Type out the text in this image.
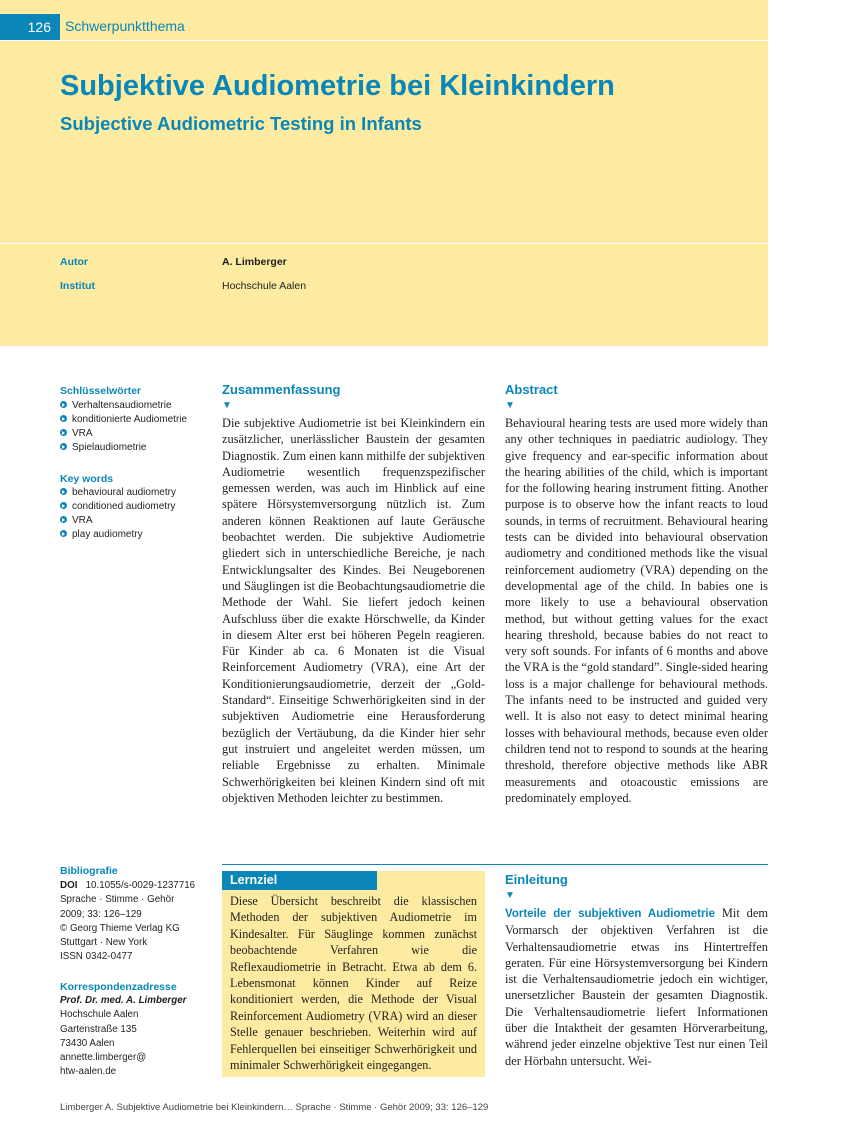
126	Schwerpunktthema
Subjektive Audiometrie bei Kleinkindern
Subjective Audiometric Testing in Infants
Autor	A. Limberger
Institut	Hochschule Aalen
Schlüsselwörter
Verhaltensaudiometrie
konditionierte Audiometrie
VRA
Spielaudiometrie
Key words
behavioural audiometry
conditioned audiometry
VRA
play audiometry
Zusammenfassung
▼
Die subjektive Audiometrie ist bei Kleinkindern ein zusätzlicher, unerlässlicher Baustein der gesamten Diagnostik. Zum einen kann mithilfe der subjektiven Audiometrie wesentlich frequenzspezifischer gemessen werden, was auch im Hinblick auf eine spätere Hörsystemversorgung nützlich ist. Zum anderen können Reaktionen auf laute Geräusche beobachtet werden. Die subjektive Audiometrie gliedert sich in unterschiedliche Bereiche, je nach Entwicklungsalter des Kindes. Bei Neugeborenen und Säuglingen ist die Beobachtungsaudiometrie die Methode der Wahl. Sie liefert jedoch keinen Aufschluss über die exakte Hörschwelle, da Kinder in diesem Alter erst bei höheren Pegeln reagieren. Für Kinder ab ca. 6 Monaten ist die Visual Reinforcement Audiometry (VRA), eine Art der Konditionierungsaudiometrie, derzeit der „Gold-Standard“. Einseitige Schwerhörigkeiten sind in der subjektiven Audiometrie eine Herausforderung bezüglich der Vertäubung, da die Kinder hier sehr gut instruiert und angeleitet werden müssen, um reliable Ergebnisse zu erhalten. Minimale Schwerhörigkeiten bei kleinen Kindern sind oft mit objektiven Methoden leichter zu bestimmen.
Abstract
▼
Behavioural hearing tests are used more widely than any other techniques in paediatric audiology. They give frequency and ear-specific information about the hearing abilities of the child, which is important for the following hearing instrument fitting. Another purpose is to observe how the infant reacts to loud sounds, in terms of recruitment. Behavioural hearing tests can be divided into behavioural observation audiometry and conditioned methods like the visual reinforcement audiometry (VRA) depending on the developmental age of the child. In babies one is more likely to use a behavioural observation method, but without getting values for the exact hearing threshold, because babies do not react to very soft sounds. For infants of 6 months and above the VRA is the “gold standard”. Single-sided hearing loss is a major challenge for behavioural methods. The infants need to be instructed and guided very well. It is also not easy to detect minimal hearing losses with behavioural methods, because even older children tend not to respond to sounds at the hearing threshold, therefore objective methods like ABR measurements and otoacoustic emissions are predominately employed.
Bibliografie
DOI 10.1055/s-0029-1237716
Sprache · Stimme · Gehör
2009; 33: 126–129
© Georg Thieme Verlag KG
Stuttgart · New York
ISSN 0342-0477
Korrespondenzadresse
Prof. Dr. med. A. Limberger
Hochschule Aalen
Gartenstraße 135
73430 Aalen
annette.limberger@
htw-aalen.de
Lernziel
Diese Übersicht beschreibt die klassischen Methoden der subjektiven Audiometrie im Kindesalter. Für Säuglinge kommen zunächst beobachtende Verfahren wie die Reflexaudiometrie in Betracht. Etwa ab dem 6. Lebensmonat können Kinder auf Reize konditioniert werden, die Methode der Visual Reinforcement Audiometry (VRA) wird an dieser Stelle genauer beschrieben. Weiterhin wird auf Fehlerquellen bei einseitiger Schwerhörigkeit und minimaler Schwerhörigkeit eingegangen.
Einleitung
▼
Vorteile der subjektiven Audiometrie Mit dem Vormarsch der objektiven Verfahren ist die Verhaltensaudiometrie etwas ins Hintertreffen geraten. Für eine Hörsystemversorgung bei Kindern ist die Verhaltensaudiometrie jedoch ein wichtiger, unersetzlicher Baustein der gesamten Diagnostik. Die Verhaltensaudiometrie liefert Informationen über die Intaktheit der gesamten Hörverarbeitung, während jeder einzelne objektive Test nur einen Teil der Hörbahn untersucht. Wei-
Limberger A. Subjektive Audiometrie bei Kleinkindern… Sprache · Stimme · Gehör 2009; 33: 126–129
